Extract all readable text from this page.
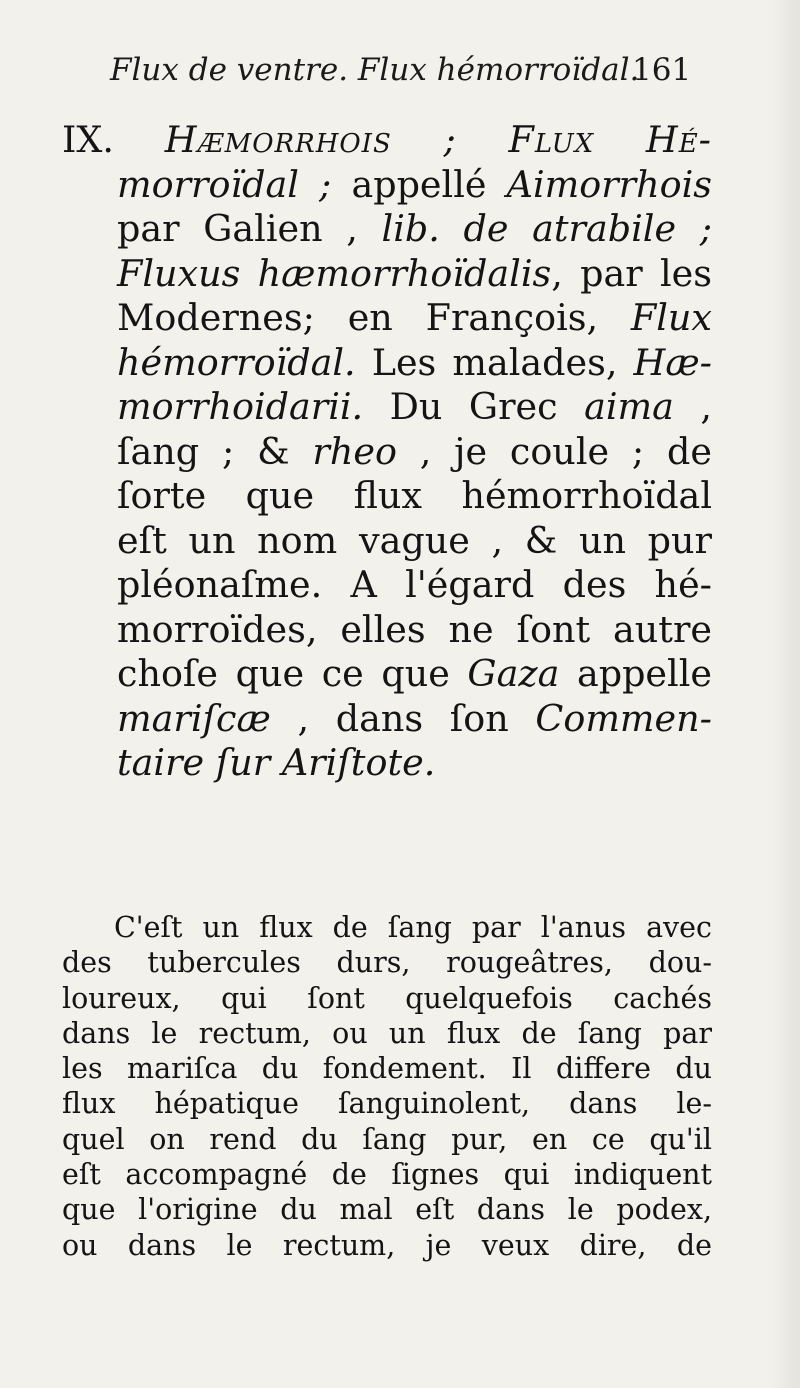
Flux de ventre. Flux hémorroïdal.
161
IX. Hæmorrhois ; Flux Hé-
morroïdal ; appellé Aimorrhois
par Galien , lib. de atrabile ;
Fluxus hæmorrhoïdalis, par les
Modernes; en François, Flux
hémorroïdal. Les malades, Hæ-
morrhoidarii. Du Grec aima ,
ſang ; & rheo , je coule ; de
ſorte que flux hémorrhoïdal
eſt un nom vague , & un pur
pléonaſme. A l'égard des hé-
morroïdes, elles ne ſont autre
choſe que ce que Gaza appelle
mariſcæ , dans ſon Commen-
taire ſur Ariſtote.
C'eſt un flux de ſang par l'anus avec
des tubercules durs, rougeâtres, dou-
loureux, qui ſont quelquefois cachés
dans le rectum, ou un flux de ſang par
les mariſca du fondement. Il differe du
flux hépatique ſanguinolent, dans le-
quel on rend du ſang pur, en ce qu'il
eſt accompagné de ſignes qui indiquent
que l'origine du mal eſt dans le podex,
ou dans le rectum, je veux dire, de
